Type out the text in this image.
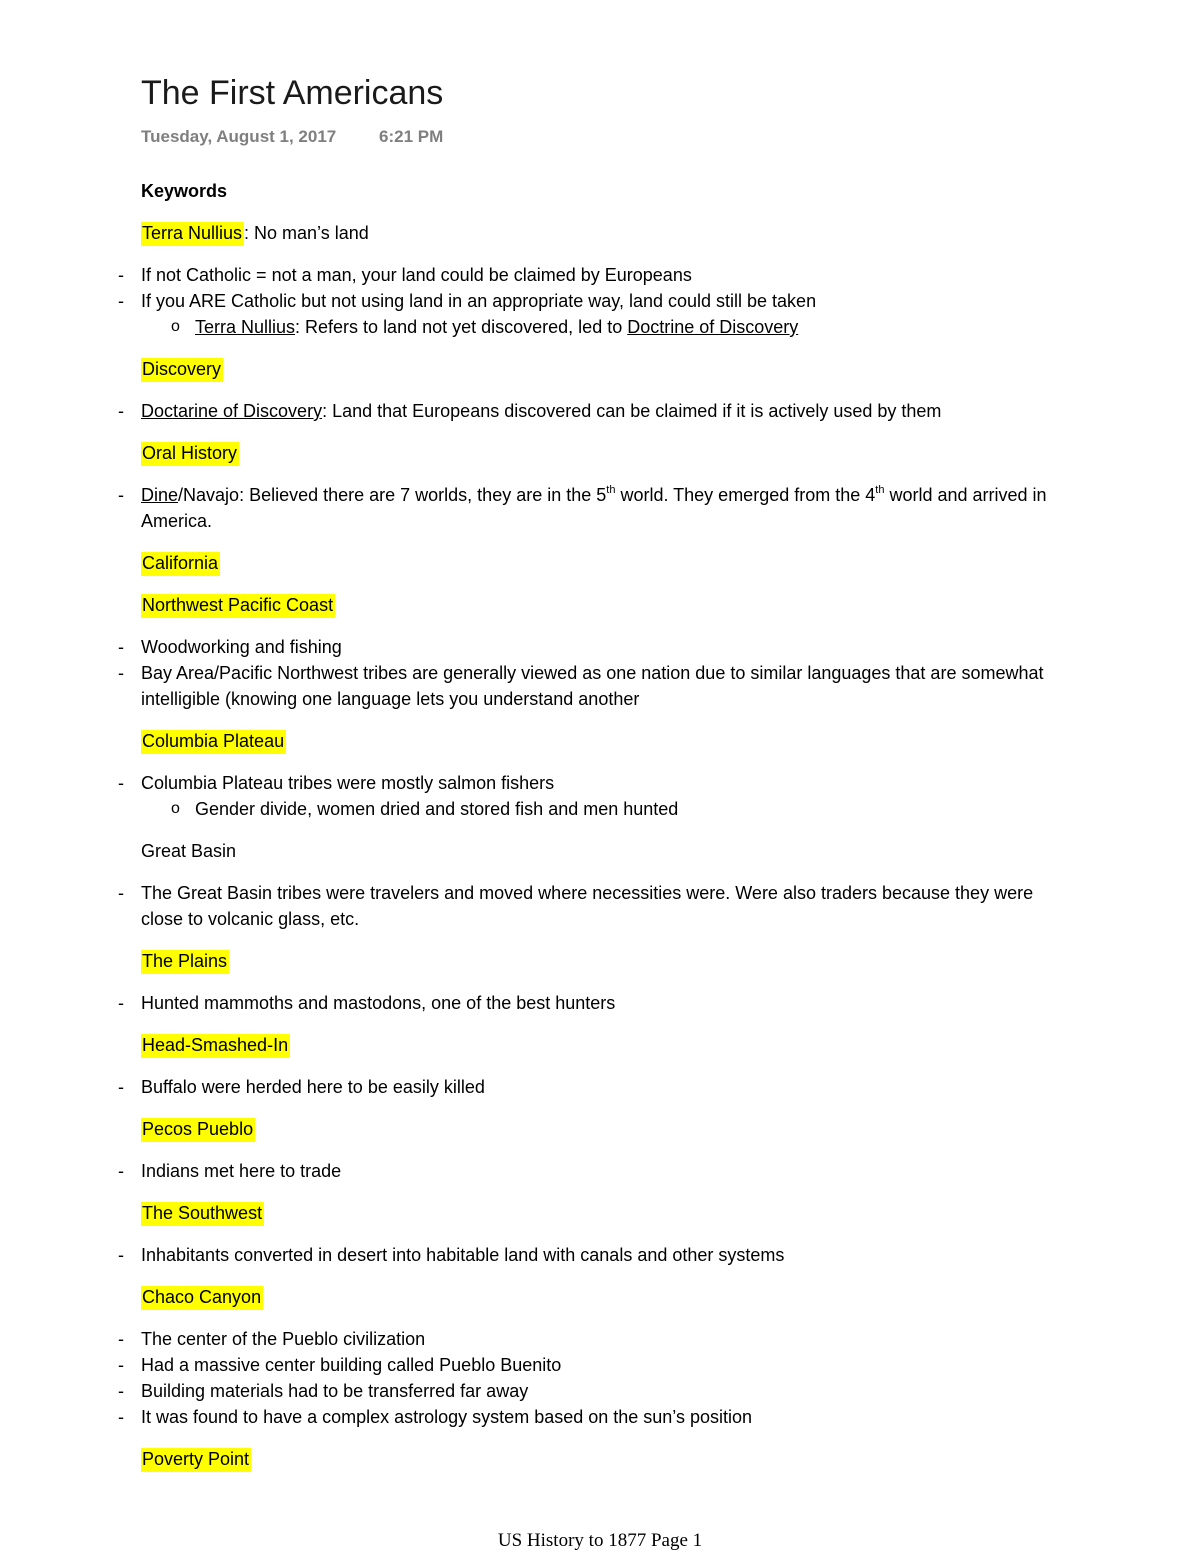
The First Americans
Tuesday, August 1, 2017	6:21 PM

Keywords

Terra Nullius : No man’s land

- If not Catholic = not a man, your land could be claimed by Europeans
- If you ARE Catholic but not using land in an appropriate way, land could still be taken
o Terra Nullius: Refers to land not yet discovered, led to Doctrine of Discovery

Discovery

- Doctarine of Discovery: Land that Europeans discovered can be claimed if it is actively used by them

Oral History

- Dine/Navajo: Believed there are 7 worlds, they are in the 5th world. They emerged from the 4th world and arrived in America.

California

Northwest Pacific Coast

- Woodworking and fishing
- Bay Area/Pacific Northwest tribes are generally viewed as one nation due to similar languages that are somewhat intelligible (knowing one language lets you understand another

Columbia Plateau

- Columbia Plateau tribes were mostly salmon fishers
o Gender divide, women dried and stored fish and men hunted

Great Basin

- The Great Basin tribes were travelers and moved where necessities were. Were also traders because they were close to volcanic glass, etc.

The Plains

- Hunted mammoths and mastodons, one of the best hunters

Head-Smashed-In

- Buffalo were herded here to be easily killed

Pecos Pueblo

- Indians met here to trade

The Southwest

- Inhabitants converted in desert into habitable land with canals and other systems

Chaco Canyon

- The center of the Pueblo civilization
- Had a massive center building called Pueblo Buenito
- Building materials had to be transferred far away
- It was found to have a complex astrology system based on the sun’s position

Poverty Point

US History to 1877 Page 1
